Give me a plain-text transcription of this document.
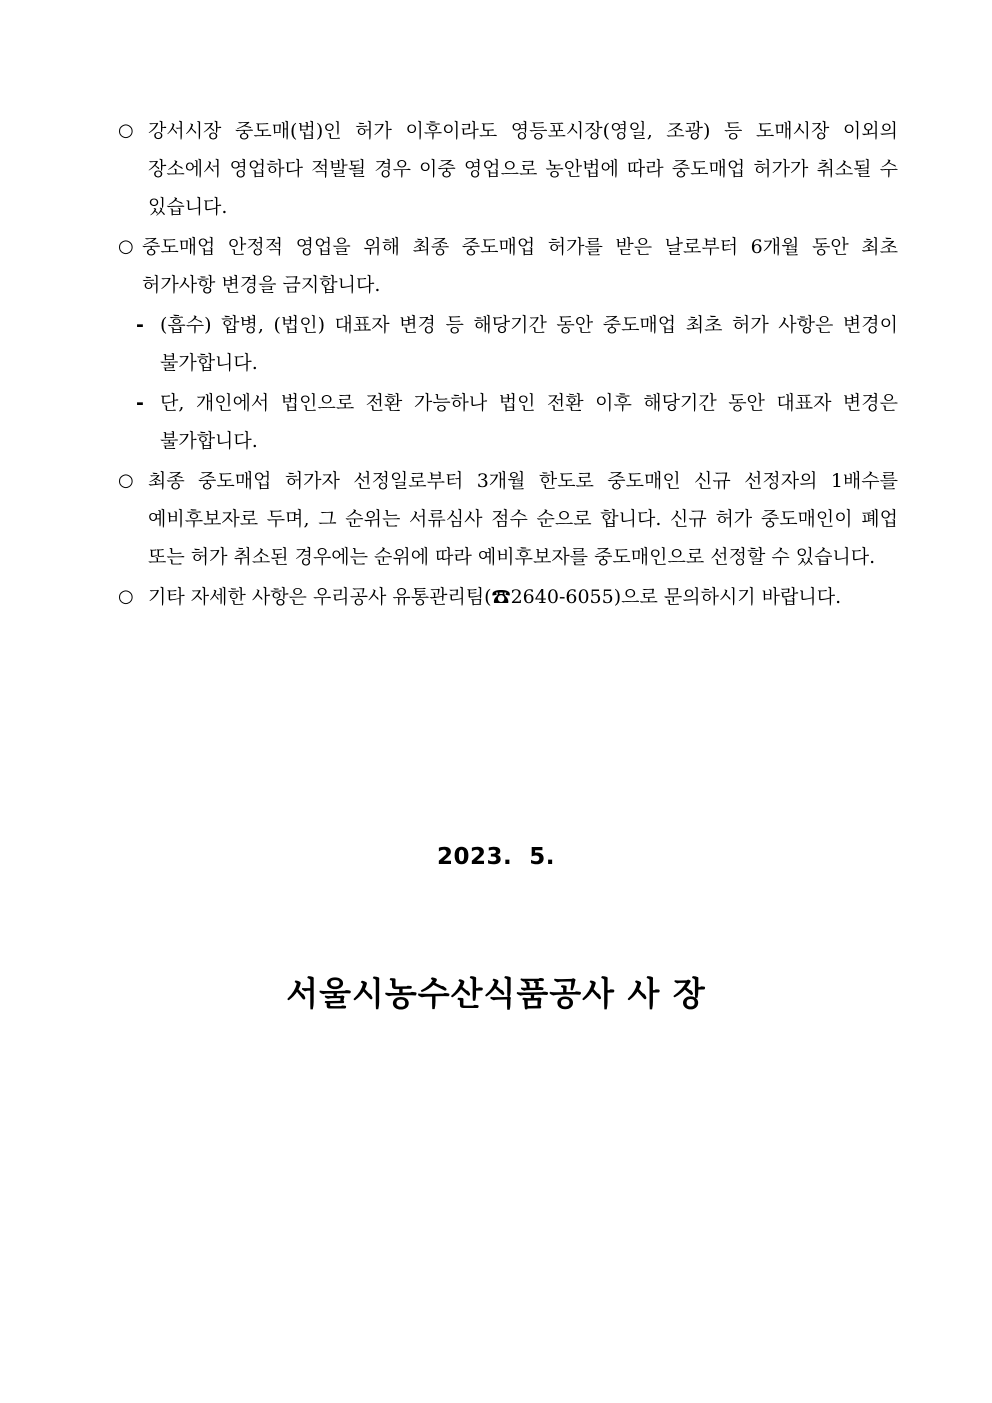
○ 강서시장 중도매(법)인 허가 이후이라도 영등포시장(영일, 조광) 등 도매시장 이외의 장소에서 영업하다 적발될 경우 이중 영업으로 농안법에 따라 중도매업 허가가 취소될 수 있습니다.
○ 중도매업 안정적 영업을 위해 최종 중도매업 허가를 받은 날로부터 6개월 동안 최초 허가사항 변경을 금지합니다.
- (흡수) 합병, (법인) 대표자 변경 등 해당기간 동안 중도매업 최초 허가 사항은 변경이 불가합니다.
- 단, 개인에서 법인으로 전환 가능하나 법인 전환 이후 해당기간 동안 대표자 변경은 불가합니다.
○ 최종 중도매업 허가자 선정일로부터 3개월 한도로 중도매인 신규 선정자의 1배수를 예비후보자로 두며, 그 순위는 서류심사 점수 순으로 합니다. 신규 허가 중도매인이 폐업 또는 허가 취소된 경우에는 순위에 따라 예비후보자를 중도매인으로 선정할 수 있습니다.
○ 기타 자세한 사항은 우리공사 유통관리팀(☎2640-6055)으로 문의하시기 바랍니다.
2023.  5.
서울시농수산식품공사 사 장
